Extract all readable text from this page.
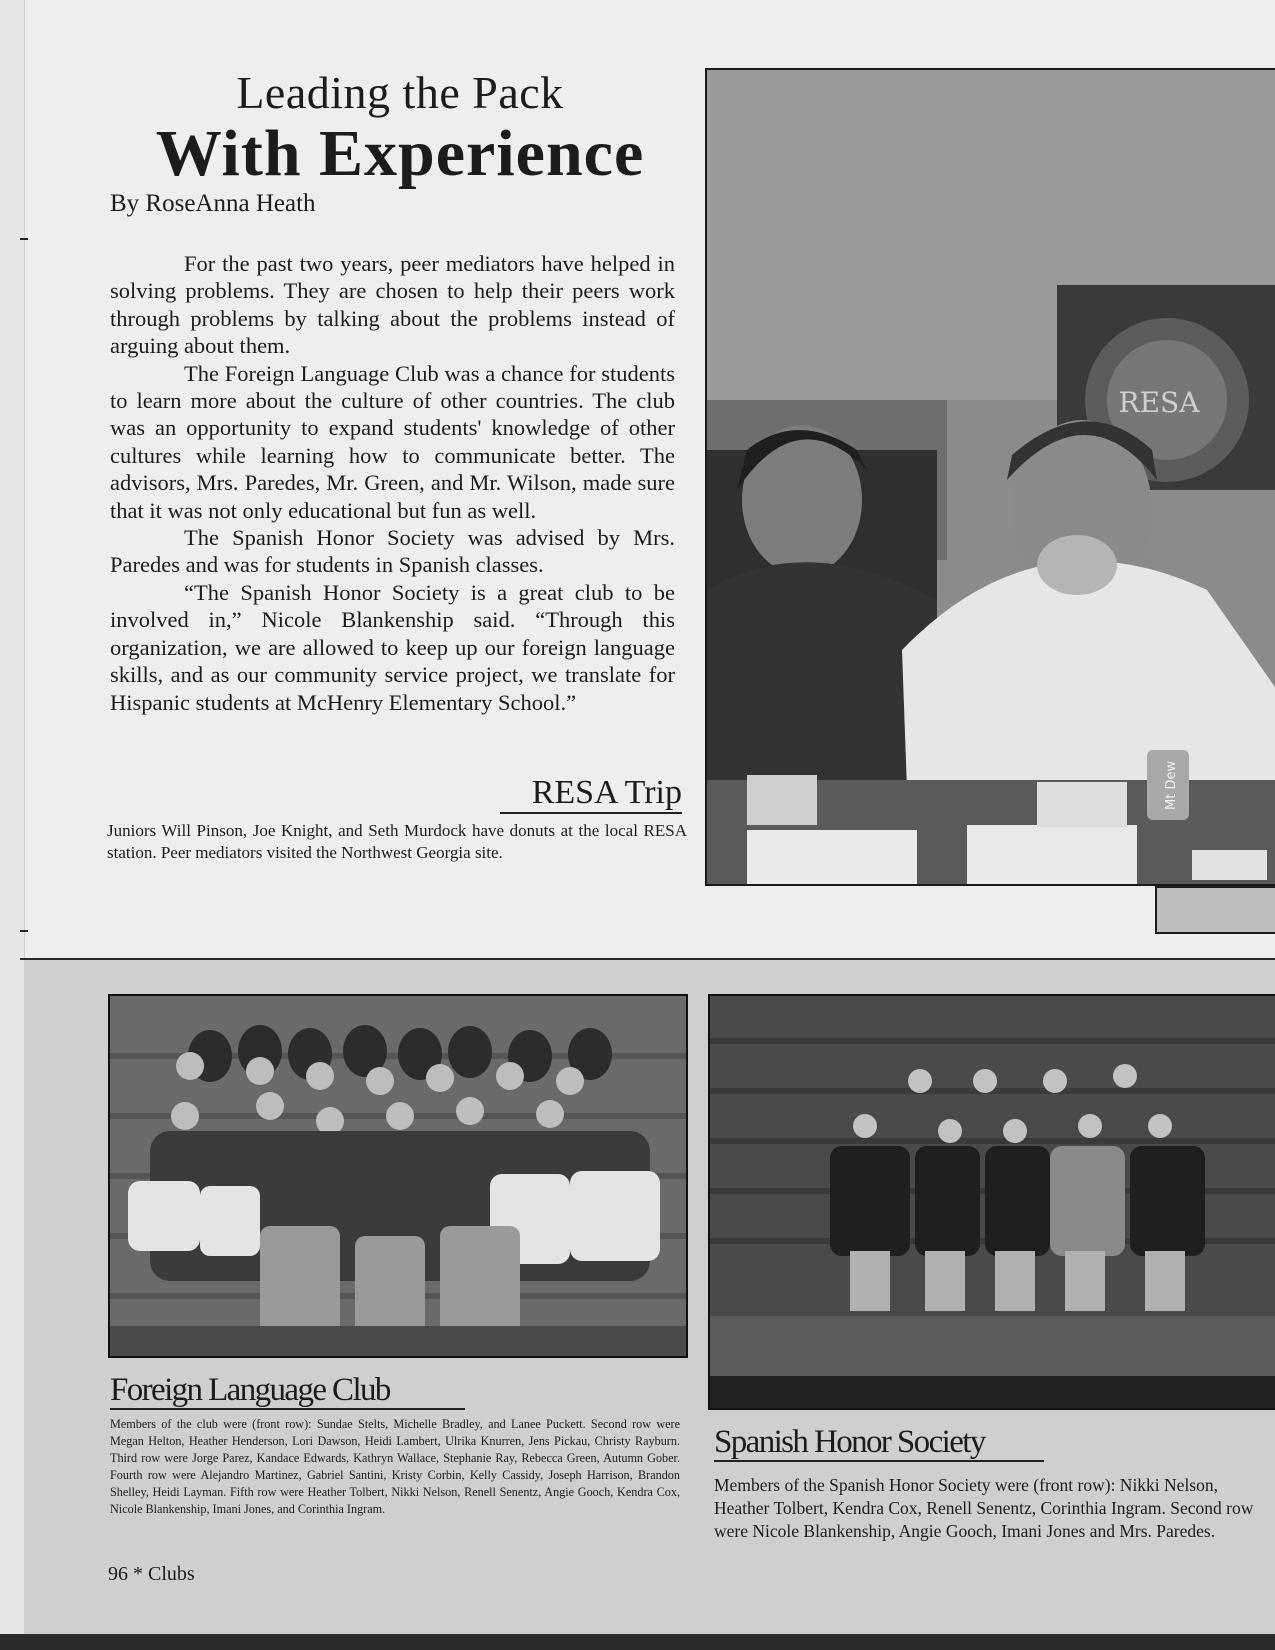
Leading the Pack
With Experience
By RoseAnna Heath

For the past two years, peer mediators have helped in solving problems. They are chosen to help their peers work through problems by talking about the problems instead of arguing about them.

The Foreign Language Club was a chance for students to learn more about the culture of other countries. The club was an opportunity to expand students' knowledge of other cultures while learning how to communicate better. The advisors, Mrs. Paredes, Mr. Green, and Mr. Wilson, made sure that it was not only educational but fun as well.

The Spanish Honor Society was advised by Mrs. Paredes and was for students in Spanish classes.

“The Spanish Honor Society is a great club to be involved in,” Nicole Blankenship said. “Through this organization, we are allowed to keep up our foreign language skills, and as our community service project, we translate for Hispanic students at McHenry Elementary School.”

RESA Trip
Juniors Will Pinson, Joe Knight, and Seth Murdock have donuts at the local RESA station. Peer mediators visited the Northwest Georgia site.
RESA
Mt Dew
Foreign Language Club
Members of the club were (front row): Sundae Stelts, Michelle Bradley, and Lanee Puckett. Second row were Megan Helton, Heather Henderson, Lori Dawson, Heidi Lambert, Ulrika Knurren, Jens Pickau, Christy Rayburn. Third row were Jorge Parez, Kandace Edwards, Kathryn Wallace, Stephanie Ray, Rebecca Green, Autumn Gober. Fourth row were Alejandro Martinez, Gabriel Santini, Kristy Corbin, Kelly Cassidy, Joseph Harrison, Brandon Shelley, Heidi Layman. Fifth row were Heather Tolbert, Nikki Nelson, Renell Senentz, Angie Gooch, Kendra Cox, Nicole Blankenship, Imani Jones, and Corinthia Ingram.
Spanish Honor Society
Members of the Spanish Honor Society were (front row): Nikki Nelson,
Heather Tolbert, Kendra Cox, Renell Senentz, Corinthia Ingram. Second row
were Nicole Blankenship, Angie Gooch, Imani Jones and Mrs. Paredes.
96 * Clubs
